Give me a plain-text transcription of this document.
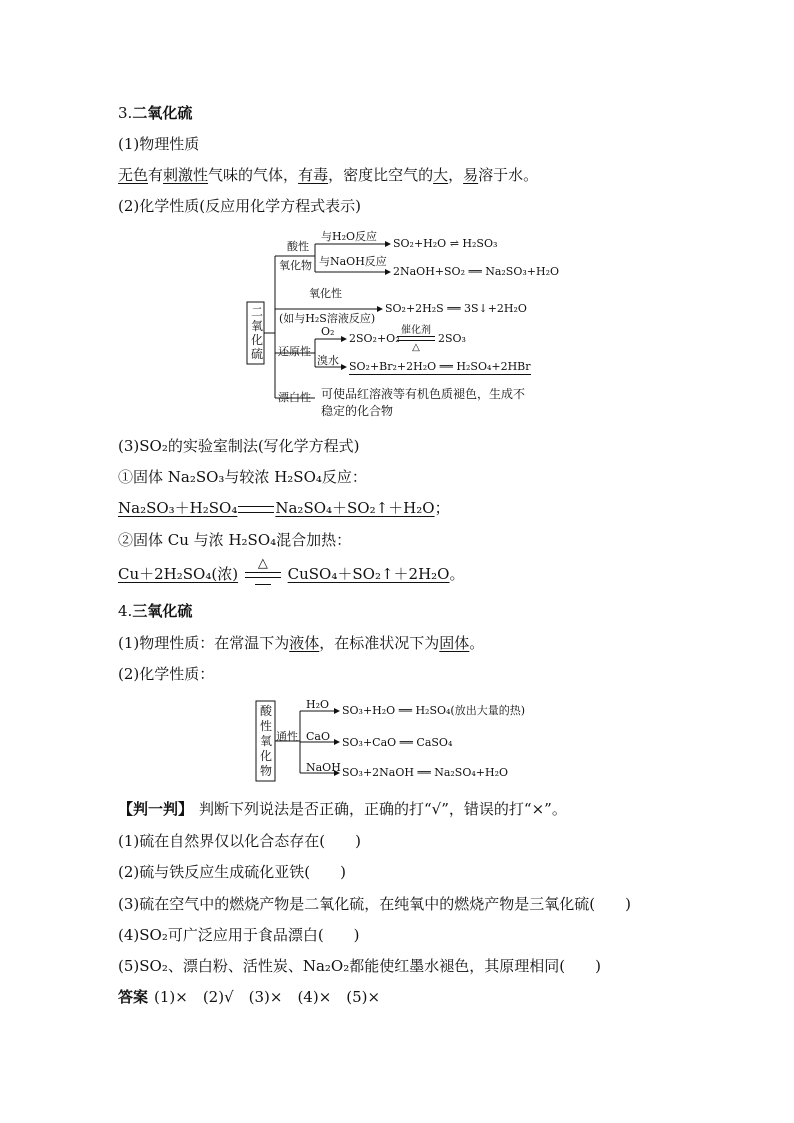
3.二氧化硫
(1)物理性质
无色有刺激性气味的气体，有毒，密度比空气的大，易溶于水。
(2)化学性质(反应用化学方程式表示)
二
氧
化
硫
酸性
氧化物
与H₂O反应
SO₂+H₂O ⇌ H₂SO₃
与NaOH反应
2NaOH+SO₂ ══ Na₂SO₃+H₂O
氧化性
(如与H₂S溶液反应)
SO₂+2H₂S ══ 3S↓+2H₂O
还原性
O₂
2SO₂+O₂
催化剂
△
2SO₃
溴水 SO₂+Br₂+2H₂O ══ H₂SO₄+2HBr
漂白性 可使品红溶液等有机色质褪色，生成不
稳定的化合物
(3)SO₂的实验室制法(写化学方程式)
①固体 Na₂SO₃与较浓 H₂SO₄反应：
Na₂SO₃＋H₂SO₄	Na₂SO₄＋SO₂↑＋H₂O；
②固体 Cu 与浓 H₂SO₄混合加热：
Cu＋2H₂SO₄(浓)
△
CuSO₄＋SO₂↑＋2H₂O。
4.三氧化硫
(1)物理性质：在常温下为液体，在标准状况下为固体。
(2)化学性质：
酸
性
氧
化
物
通性
H₂O SO₃+H₂O ══ H₂SO₄(放出大量的热)
CaO SO₃+CaO ══ CaSO₄
NaOH SO₃+2NaOH ══ Na₂SO₄+H₂O
【判一判】 判断下列说法是否正确，正确的打“√”，错误的打“×”。
(1)硫在自然界仅以化合态存在(　　)
(2)硫与铁反应生成硫化亚铁(　　)
(3)硫在空气中的燃烧产物是二氧化硫，在纯氧中的燃烧产物是三氧化硫(　　)
(4)SO₂可广泛应用于食品漂白(　　)
(5)SO₂、漂白粉、活性炭、Na₂O₂都能使红墨水褪色，其原理相同(　　)
答案 (1)×　(2)√　(3)×　(4)×　(5)×
